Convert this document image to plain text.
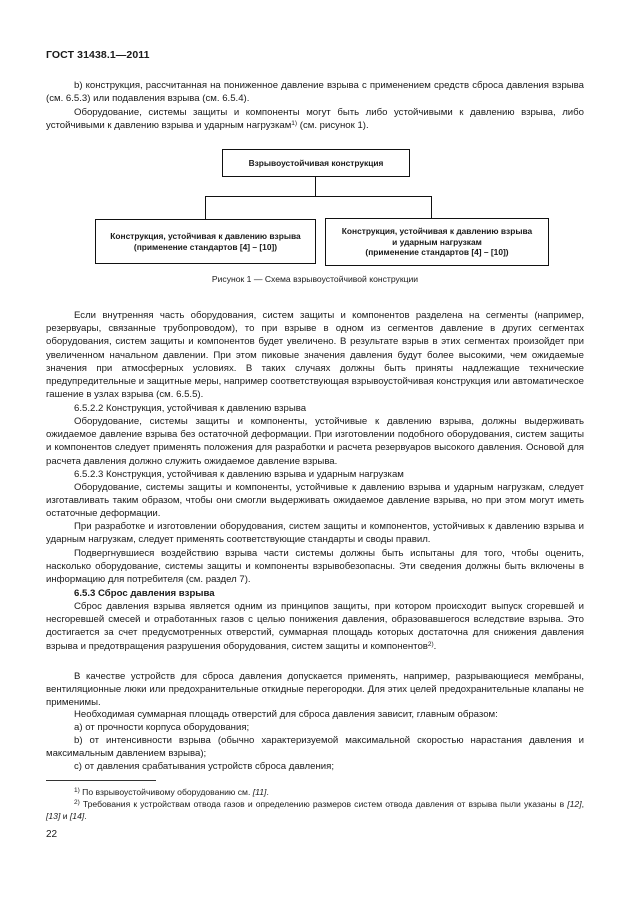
ГОСТ 31438.1—2011

b) конструкция, рассчитанная на пониженное давление взрыва с применением средств сброса давления взрыва (см. 6.5.3) или подавления взрыва (см. 6.5.4).

Оборудование, системы защиты и компоненты могут быть либо устойчивыми к давлению взрыва, либо устойчивыми к давлению взрыва и ударным нагрузкам$^{1)}$ (см. рисунок 1).

Взрывоустойчивая конструкция
Конструкция, устойчивая к давлению взрыва
(применение стандартов [4] – [10])
Конструкция, устойчивая к давлению взрыва
и ударным нагрузкам
(применение стандартов [4] – [10])
Рисунок 1 — Схема взрывоустойчивой конструкции

Если внутренняя часть оборудования, систем защиты и компонентов разделена на сегменты (например, резервуары, связанные трубопроводом), то при взрыве в одном из сегментов давление в других сегментах оборудования, систем защиты и компонентов будет увеличено. В результате взрыв в этих сегментах произойдет при увеличенном начальном давлении. При этом пиковые значения давления будут более высокими, чем ожидаемые значения при атмосферных условиях. В таких случаях должны быть приняты надлежащие технические предупредительные и защитные меры, например соответствующая взрывоустойчивая конструкция или автоматическое гашение в узлах взрыва (см. 6.5.5).

6.5.2.2 Конструкция, устойчивая к давлению взрыва

Оборудование, системы защиты и компоненты, устойчивые к давлению взрыва, должны выдерживать ожидаемое давление взрыва без остаточной деформации. При изготовлении подобного оборудования, систем защиты и компонентов следует применять положения для разработки и расчета резервуаров высокого давления. Основой для расчета давления должно служить ожидаемое давление взрыва.

6.5.2.3 Конструкция, устойчивая к давлению взрыва и ударным нагрузкам

Оборудование, системы защиты и компоненты, устойчивые к давлению взрыва и ударным нагрузкам, следует изготавливать таким образом, чтобы они смогли выдерживать ожидаемое давление взрыва, но при этом могут иметь остаточные деформации.

При разработке и изготовлении оборудования, систем защиты и компонентов, устойчивых к давлению взрыва и ударным нагрузкам, следует применять соответствующие стандарты и своды правил.

Подвергнувшиеся воздействию взрыва части системы должны быть испытаны для того, чтобы оценить, насколько оборудование, системы защиты и компоненты взрывобезопасны. Эти сведения должны быть включены в информацию для потребителя (см. раздел 7).

6.5.3 Сброс давления взрыва

Сброс давления взрыва является одним из принципов защиты, при котором происходит выпуск сгоревшей и несгоревшей смесей и отработанных газов с целью понижения давления, образовавшегося вследствие взрыва. Это достигается за счет предусмотренных отверстий, суммарная площадь которых достаточна для снижения давления взрыва и предотвращения разрушения оборудования, систем защиты и компонентов$^{2)}$.

В качестве устройств для сброса давления допускается применять, например, разрывающиеся мембраны, вентиляционные люки или предохранительные откидные перегородки. Для этих целей предохранительные клапаны не применимы.

Необходимая суммарная площадь отверстий для сброса давления зависит, главным образом:

а) от прочности корпуса оборудования;

b) от интенсивности взрыва (обычно характеризуемой максимальной скоростью нарастания давления и максимальным давлением взрыва);

с) от давления срабатывания устройств сброса давления;

$^{1)}$ По взрывоустойчивому оборудованию см. [11].

$^{2)}$ Требования к устройствам отвода газов и определению размеров систем отвода давления от взрыва пыли указаны в [12], [13] и [14].

22
